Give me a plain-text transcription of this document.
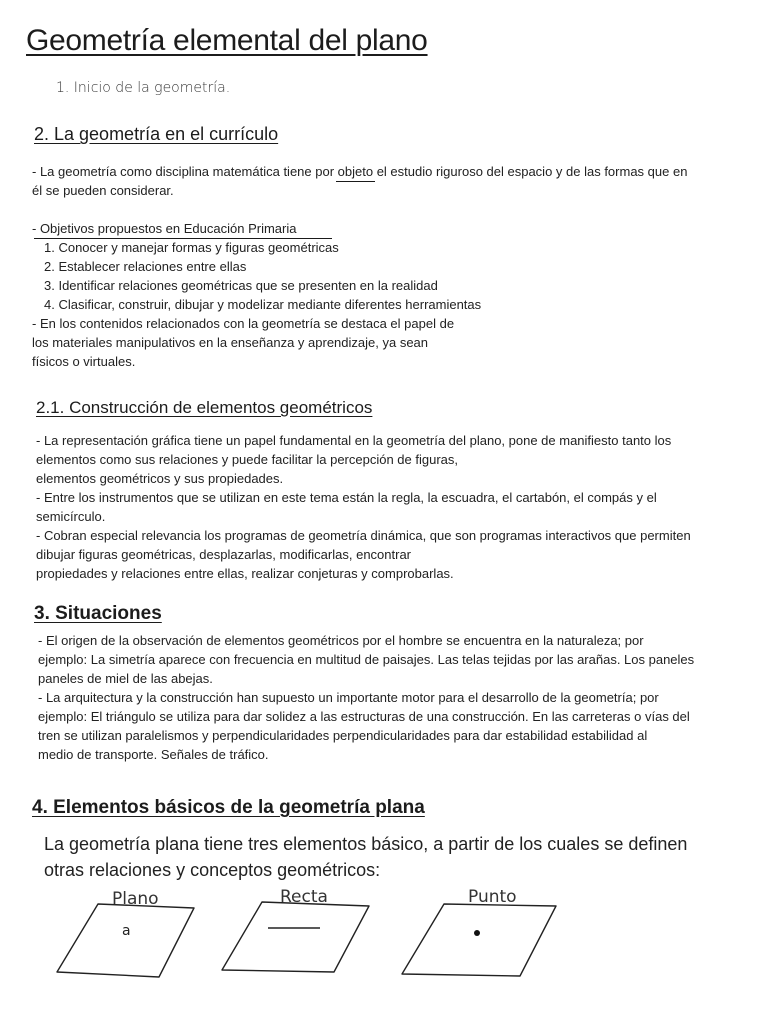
Geometría elemental del plano
1. Inicio de la geometría.
2. La geometría en el currículo
- La geometría como disciplina matemática tiene por objeto el estudio riguroso del espacio y de las formas que en
él se pueden considerar.
- Objetivos propuestos en Educación Primaria
1. Conocer y manejar formas y figuras geométricas
2. Establecer relaciones entre ellas
3. Identificar relaciones geométricas que se presenten en la realidad
4. Clasificar, construir, dibujar y modelizar mediante diferentes herramientas
- En los contenidos relacionados con la geometría se destaca el papel de
los materiales manipulativos en la enseñanza y aprendizaje, ya sean
físicos o virtuales.
2.1. Construcción de elementos geométricos
- La representación gráfica tiene un papel fundamental en la geometría del plano, pone de manifiesto tanto los
elementos como sus relaciones y puede facilitar la percepción de figuras,
elementos geométricos y sus propiedades.
- Entre los instrumentos que se utilizan en este tema están la regla, la escuadra, el cartabón, el compás y el
semicírculo.
- Cobran especial relevancia los programas de geometría dinámica, que son programas interactivos que permiten
dibujar figuras geométricas, desplazarlas, modificarlas, encontrar
propiedades y relaciones entre ellas, realizar conjeturas y comprobarlas.
3. Situaciones
- El origen de la observación de elementos geométricos por el hombre se encuentra en la naturaleza; por
ejemplo: La simetría aparece con frecuencia en multitud de paisajes. Las telas tejidas por las arañas. Los paneles
paneles de miel de las abejas.
- La arquitectura y la construcción han supuesto un importante motor para el desarrollo de la geometría; por
ejemplo: El triángulo se utiliza para dar solidez a las estructuras de una construcción. En las carreteras o vías del
tren se utilizan paralelismos y perpendicularidades perpendicularidades para dar estabilidad estabilidad al
medio de transporte. Señales de tráfico.
4. Elementos básicos de la geometría plana
La geometría plana tiene tres elementos básico, a partir de los cuales se definen
otras relaciones y conceptos geométricos:
Plano
a
Recta	Punto
